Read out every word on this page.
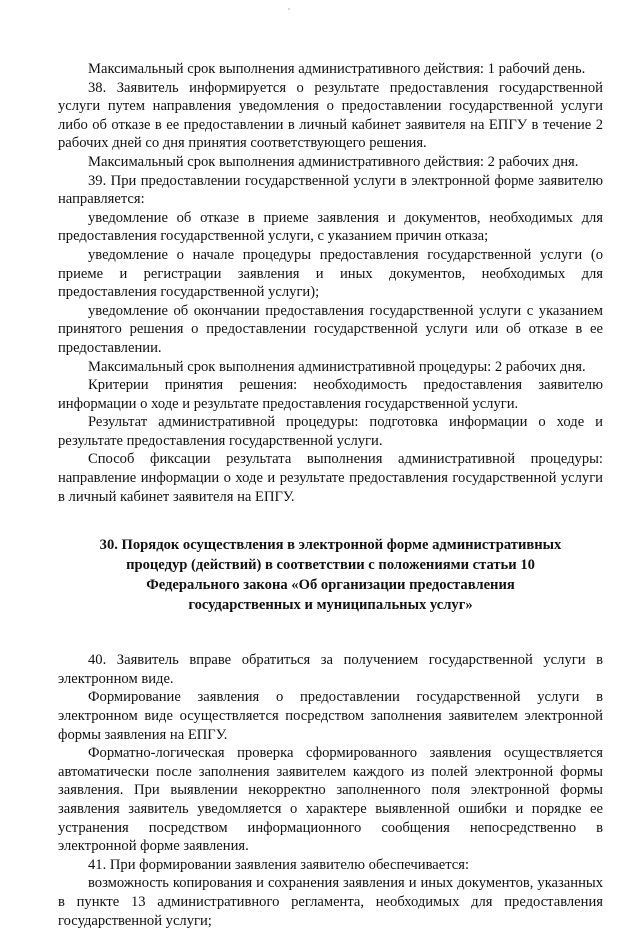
Максимальный срок выполнения административного действия: 1 рабочий день.

38. Заявитель информируется о результате предоставления государственной услуги путем направления уведомления о предоставлении государственной услуги либо об отказе в ее предоставлении в личный кабинет заявителя на ЕПГУ в течение 2 рабочих дней со дня принятия соответствующего решения.

Максимальный срок выполнения административного действия: 2 рабочих дня.

39. При предоставлении государственной услуги в электронной форме заявителю направляется:

уведомление об отказе в приеме заявления и документов, необходимых для предоставления государственной услуги, с указанием причин отказа;

уведомление о начале процедуры предоставления государственной услуги (о приеме и регистрации заявления и иных документов, необходимых для предоставления государственной услуги);

уведомление об окончании предоставления государственной услуги с указанием принятого решения о предоставлении государственной услуги или об отказе в ее предоставлении.

Максимальный срок выполнения административной процедуры: 2 рабочих дня.

Критерии принятия решения: необходимость предоставления заявителю информации о ходе и результате предоставления государственной услуги.

Результат административной процедуры: подготовка информации о ходе и результате предоставления государственной услуги.

Способ фиксации результата выполнения административной процедуры: направление информации о ходе и результате предоставления государственной услуги в личный кабинет заявителя на ЕПГУ.

30. Порядок осуществления в электронной форме административных

процедур (действий) в соответствии с положениями статьи 10

Федерального закона «Об организации предоставления

государственных и муниципальных услуг»

40. Заявитель вправе обратиться за получением государственной услуги в электронном виде.

Формирование заявления о предоставлении государственной услуги в электронном виде осуществляется посредством заполнения заявителем электронной формы заявления на ЕПГУ.

Форматно-логическая проверка сформированного заявления осуществляется автоматически после заполнения заявителем каждого из полей электронной формы заявления. При выявлении некорректно заполненного поля электронной формы заявления заявитель уведомляется о характере выявленной ошибки и порядке ее устранения посредством информационного сообщения непосредственно в электронной форме заявления.

41. При формировании заявления заявителю обеспечивается:

возможность копирования и сохранения заявления и иных документов, указанных в пункте 13 административного регламента, необходимых для предоставления государственной услуги;
